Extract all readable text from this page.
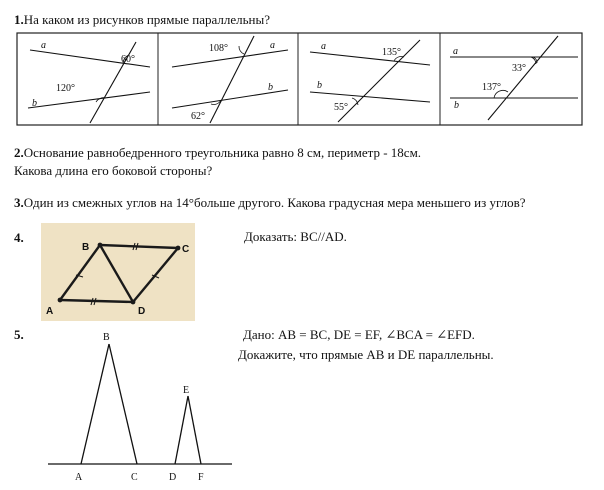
1.На каком из рисунков прямые параллельны?
a
b
60°
120°
a
b
108°
62°
a
b
135°
55°
a
b
33°
137°
2.Основание равнобедренного треугольника равно 8 см, периметр - 18см.
Какова длина его боковой стороны?
3.Один из смежных углов на 14°больше другого. Какова градусная мера меньшего из углов?
4.
B	C
A	D
Доказать: BC//AD.
5.	B
E
A	C	D F
Дано: AB = BC, DE = EF, ∠BCA = ∠EFD.
Докажите, что прямые AB и DE параллельны.
